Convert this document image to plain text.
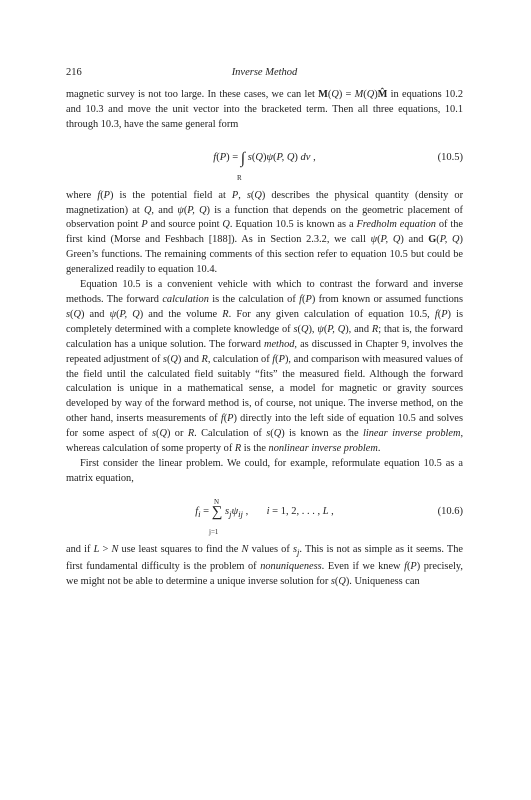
216	Inverse Method

magnetic survey is not too large. In these cases, we can let M(Q) = M(Q)M̂ in equations 10.2 and 10.3 and move the unit vector into the bracketed term. Then all three equations, 10.1 through 10.3, have the same general form

f(P) = ∫ s(Q)ψ(P, Q) dv ,
R
(10.5)

where f(P) is the potential field at P, s(Q) describes the physical quantity (density or magnetization) at Q, and ψ(P, Q) is a function that depends on the geometric placement of observation point P and source point Q. Equation 10.5 is known as a Fredholm equation of the first kind (Morse and Feshbach [188]). As in Section 2.3.2, we call ψ(P, Q) and G(P, Q) Green’s functions. The remaining comments of this section refer to equation 10.5 but could be generalized readily to equation 10.4.

Equation 10.5 is a convenient vehicle with which to contrast the forward and inverse methods. The forward calculation is the calculation of f(P) from known or assumed functions s(Q) and ψ(P, Q) and the volume R. For any given calculation of equation 10.5, f(P) is completely determined with a complete knowledge of s(Q), ψ(P, Q), and R; that is, the forward calculation has a unique solution. The forward method, as discussed in Chapter 9, involves the repeated adjustment of s(Q) and R, calculation of f(P), and comparison with measured values of the field until the calculated field suitably “fits” the measured field. Although the forward calculation is unique in a mathematical sense, a model for magnetic or gravity sources developed by way of the forward method is, of course, not unique. The inverse method, on the other hand, inserts measurements of f(P) directly into the left side of equation 10.5 and solves for some aspect of s(Q) or R. Calculation of s(Q) is known as the linear inverse problem, whereas calculation of some property of R is the nonlinear inverse problem.

First consider the linear problem. We could, for example, reformulate equation 10.5 as a matrix equation,

$f_i$ = ∑ $s_j\psi_{ij}$ ,       i = 1, 2, . . . , L ,
N
j=1
(10.6)

and if L > N use least squares to find the N values of $s_j$. This is not as simple as it seems. The first fundamental difficulty is the problem of nonuniqueness. Even if we knew f(P) precisely, we might not be able to determine a unique inverse solution for s(Q). Uniqueness can
